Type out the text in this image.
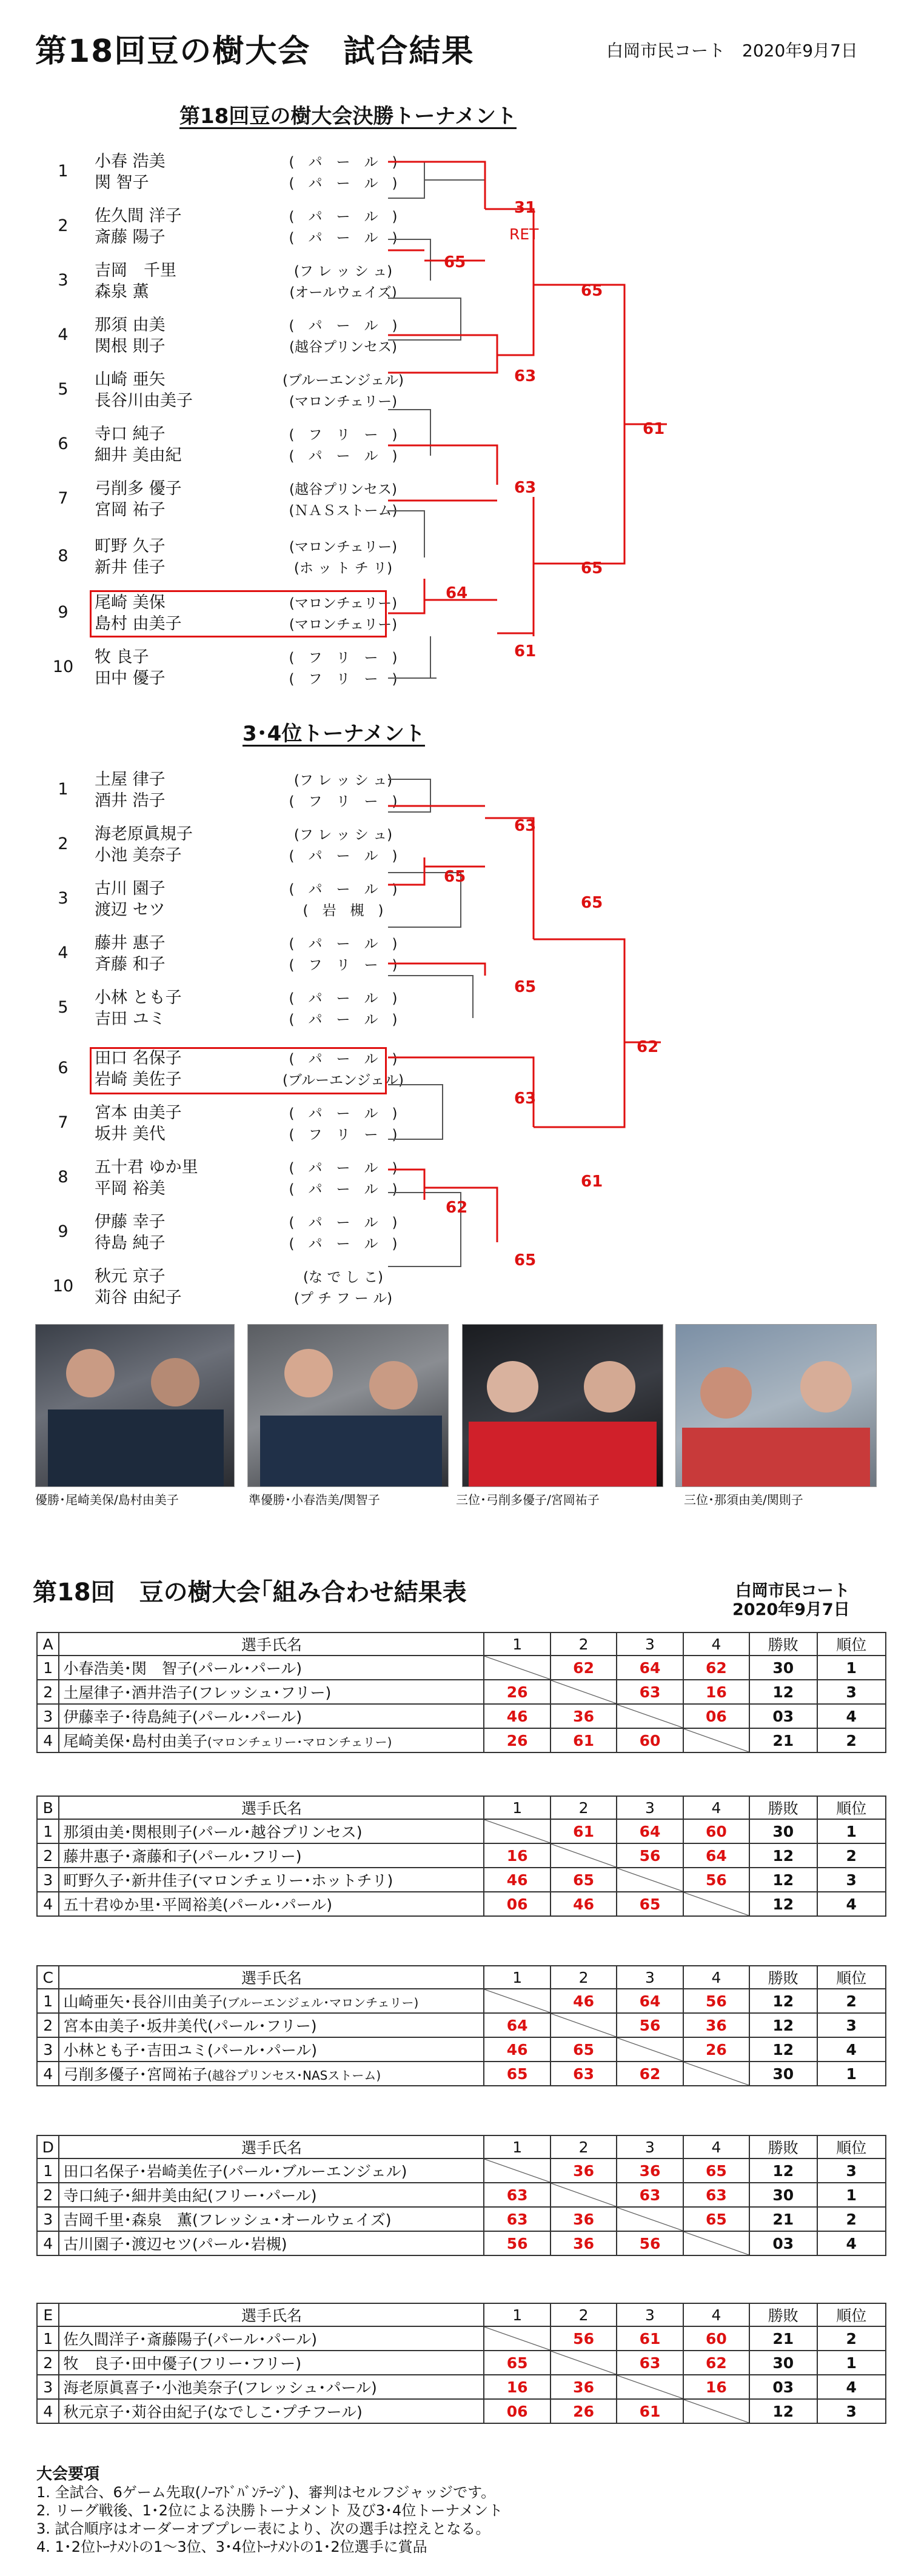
第18回豆の樹大会　試合結果	白岡市民コート　2020年9月7日
第18回豆の樹大会決勝トーナメント
1
小春 浩美	(　パ　ー　ル　)
関 智子	(　パ　ー　ル　)
2
佐久間 洋子	(　パ　ー　ル　)
斎藤 陽子	(　パ　ー　ル　)
3
吉岡　千里	(フ レ ッ シ ュ)
森泉 薫	(オールウェイズ)
4
那須 由美	(　パ　ー　ル　)
関根 則子	(越谷プリンセス)
5
山崎 亜矢	(ブルーエンジェル)
長谷川由美子	(マロンチェリー)
6
寺口 純子	(　フ　リ　ー　)
細井 美由紀	(　パ　ー　ル　)
7
弓削多 優子	(越谷プリンセス)
宮岡 祐子	(ＮＡＳストーム)
8
町野 久子	(マロンチェリー)
新井 佳子	(ホ ッ ト チ リ)
9
尾崎 美保	(マロンチェリー)
島村 由美子	(マロンチェリー)
10
牧 良子	(　フ　リ　ー　)
田中 優子	(　フ　リ　ー　)
3･4位トーナメント
1
土屋 律子	(フ レ ッ シ ュ)
酒井 浩子	(　フ　リ　ー　)
2
海老原眞規子	(フ レ ッ シ ュ)
小池 美奈子	(　パ　ー　ル　)
3
古川 園子	(　パ　ー　ル　)
渡辺 セツ	(　岩　槻　)
4
藤井 惠子	(　パ　ー　ル　)
斉藤 和子	(　フ　リ　ー　)
5
小林 とも子	(　パ　ー　ル　)
吉田 ユミ	(　パ　ー　ル　)
6
田口 名保子	(　パ　ー　ル　)
岩崎 美佐子	(ブルーエンジェル)
7
宮本 由美子	(　パ　ー　ル　)
坂井 美代	(　フ　リ　ー　)
8
五十君 ゆか里	(　パ　ー　ル　)
平岡 裕美	(　パ　ー　ル　)
9
伊藤 幸子	(　パ　ー　ル　)
待島 純子	(　パ　ー　ル　)
10
秋元 京子	(な で し こ)
苅谷 由紀子	(プ チ フ ー ル)
31
RET
65
65
63
61
63
65
64
61
63
65
65
65
62
63
61
62
65
優勝･尾崎美保/島村由美子	準優勝･小春浩美/関智子	三位･弓削多優子/宮岡祐子	三位･那須由美/関則子
第18回　豆の樹大会｢組み合わせ結果表	白岡市民コート
2020年9月7日
A	選手氏名	1	2	3	4	勝敗	順位
1	小春浩美･関　智子(パール･パール)		62	64	62	30	1
2	土屋律子･酒井浩子(フレッシュ･フリー)	26		63	16	12	3
3	伊藤幸子･待島純子(パール･パール)	46	36		06	03	4
4	尾崎美保･島村由美子(マロンチェリー･マロンチェリー)	26	61	60		21	2
B	選手氏名	1	2	3	4	勝敗	順位
1	那須由美･関根則子(パール･越谷プリンセス)		61	64	60	30	1
2	藤井惠子･斎藤和子(パール･フリー)	16		56	64	12	2
3	町野久子･新井佳子(マロンチェリー･ホットチリ)	46	65		56	12	3
4	五十君ゆか里･平岡裕美(パール･パール)	06	46	65		12	4
C	選手氏名	1	2	3	4	勝敗	順位
1	山崎亜矢･長谷川由美子(ブルーエンジェル･マロンチェリー)		46	64	56	12	2
2	宮本由美子･坂井美代(パール･フリー)	64		56	36	12	3
3	小林とも子･吉田ユミ(パール･パール)	46	65		26	12	4
4	弓削多優子･宮岡祐子(越谷プリンセス･NASストーム)	65	63	62		30	1
D	選手氏名	1	2	3	4	勝敗	順位
1	田口名保子･岩崎美佐子(パール･ブルーエンジェル)		36	36	65	12	3
2	寺口純子･細井美由紀(フリー･パール)	63		63	63	30	1
3	吉岡千里･森泉　薫(フレッシュ･オールウェイズ)	63	36		65	21	2
4	古川園子･渡辺セツ(パール･岩槻)	56	36	56		03	4
E	選手氏名	1	2	3	4	勝敗	順位
1	佐久間洋子･斎藤陽子(パール･パール)		56	61	60	21	2
2	牧　良子･田中優子(フリー･フリー)	65		63	62	30	1
3	海老原眞喜子･小池美奈子(フレッシュ･パール)	16	36		16	03	4
4	秋元京子･苅谷由紀子(なでしこ･プチフール)	06	26	61		12	3
大会要項
1. 全試合、6ゲーム先取(ﾉｰｱﾄﾞﾊﾞﾝﾃｰｼﾞ)、審判はセルフジャッジです。
2. リーグ戦後、1･2位による決勝トーナメント 及び3･4位トーナメント
3. 試合順序はオーダーオブプレー表により、次の選手は控えとなる。
4. 1･2位ﾄｰﾅﾒﾝﾄの1～3位、3･4位ﾄｰﾅﾒﾝﾄの1･2位選手に賞品
